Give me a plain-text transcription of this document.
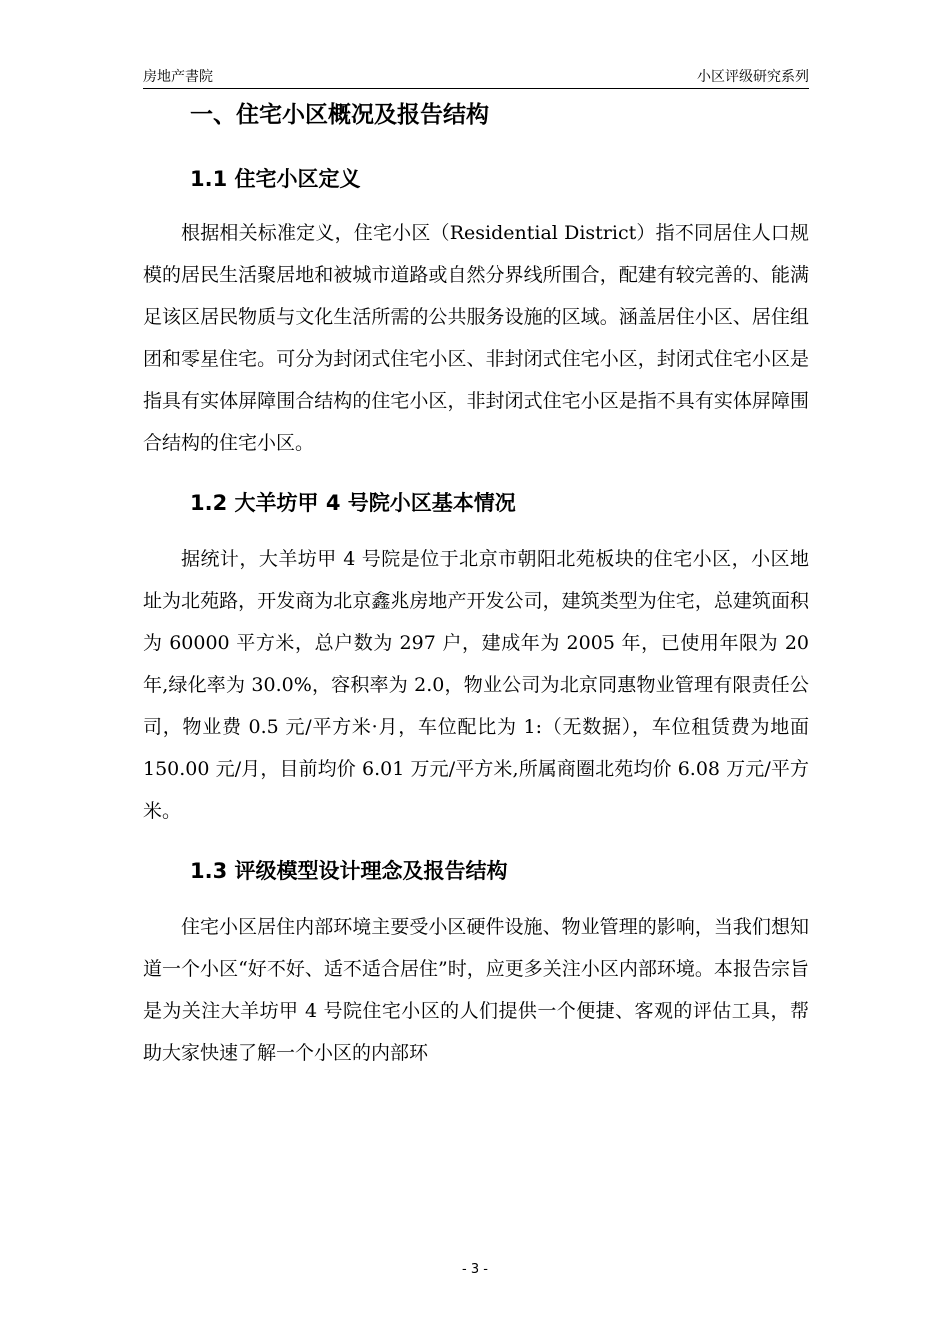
房地产書院	小区评级研究系列
一、住宅小区概况及报告结构
1.1 住宅小区定义

根据相关标准定义，住宅小区（Residential District）指不同居住人口规模的居民生活聚居地和被城市道路或自然分界线所围合，配建有较完善的、能满足该区居民物质与文化生活所需的公共服务设施的区域。涵盖居住小区、居住组团和零星住宅。可分为封闭式住宅小区、非封闭式住宅小区，封闭式住宅小区是指具有实体屏障围合结构的住宅小区，非封闭式住宅小区是指不具有实体屏障围合结构的住宅小区。

1.2 大羊坊甲 4 号院小区基本情况

据统计，大羊坊甲 4 号院是位于北京市朝阳北苑板块的住宅小区，小区地址为北苑路，开发商为北京鑫兆房地产开发公司，建筑类型为住宅，总建筑面积为 60000 平方米，总户数为 297 户，建成年为 2005 年，已使用年限为 20 年,绿化率为 30.0%，容积率为 2.0，物业公司为北京同惠物业管理有限责任公司，物业费 0.5 元/平方米·月，车位配比为 1:（无数据），车位租赁费为地面 150.00 元/月，目前均价 6.01 万元/平方米,所属商圈北苑均价 6.08 万元/平方米。

1.3 评级模型设计理念及报告结构

住宅小区居住内部环境主要受小区硬件设施、物业管理的影响，当我们想知道一个小区“好不好、适不适合居住”时，应更多关注小区内部环境。本报告宗旨是为关注大羊坊甲 4 号院住宅小区的人们提供一个便捷、客观的评估工具，帮助大家快速了解一个小区的内部环

- 3 -
